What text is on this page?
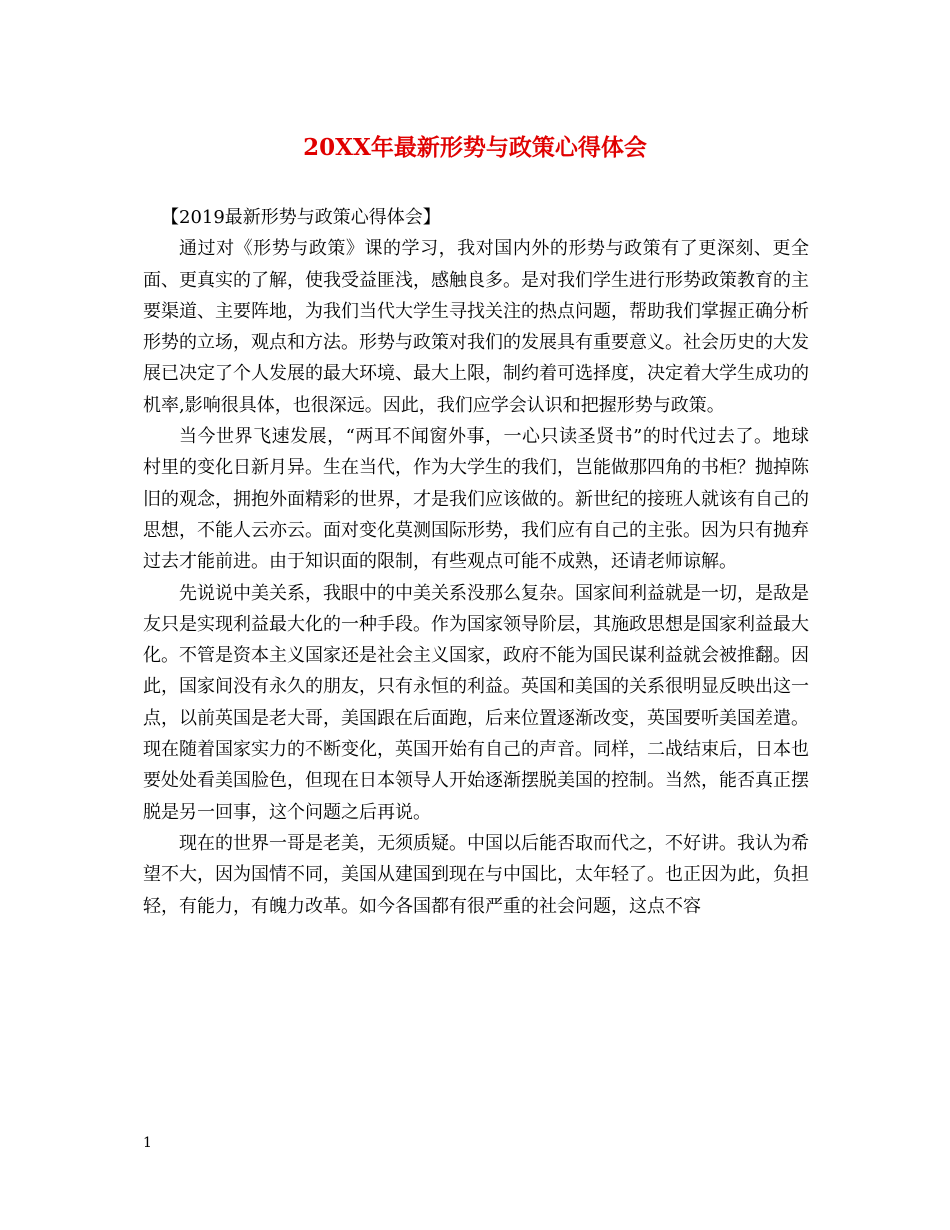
20XX年最新形势与政策心得体会

【2019最新形势与政策心得体会】

通过对《形势与政策》课的学习，我对国内外的形势与政策有了更深刻、更全面、更真实的了解，使我受益匪浅，感触良多。是对我们学生进行形势政策教育的主要渠道、主要阵地，为我们当代大学生寻找关注的热点问题，帮助我们掌握正确分析形势的立场，观点和方法。形势与政策对我们的发展具有重要意义。社会历史的大发展已决定了个人发展的最大环境、最大上限，制约着可选择度，决定着大学生成功的机率,影响很具体，也很深远。因此，我们应学会认识和把握形势与政策。

当今世界飞速发展，“两耳不闻窗外事，一心只读圣贤书”的时代过去了。地球村里的变化日新月异。生在当代，作为大学生的我们，岂能做那四角的书柜？抛掉陈旧的观念，拥抱外面精彩的世界，才是我们应该做的。新世纪的接班人就该有自己的思想，不能人云亦云。面对变化莫测国际形势，我们应有自己的主张。因为只有抛弃过去才能前进。由于知识面的限制，有些观点可能不成熟，还请老师谅解。

先说说中美关系，我眼中的中美关系没那么复杂。国家间利益就是一切，是敌是友只是实现利益最大化的一种手段。作为国家领导阶层，其施政思想是国家利益最大化。不管是资本主义国家还是社会主义国家，政府不能为国民谋利益就会被推翻。因此，国家间没有永久的朋友，只有永恒的利益。英国和美国的关系很明显反映出这一点，以前英国是老大哥，美国跟在后面跑，后来位置逐渐改变，英国要听美国差遣。现在随着国家实力的不断变化，英国开始有自己的声音。同样，二战结束后，日本也要处处看美国脸色，但现在日本领导人开始逐渐摆脱美国的控制。当然，能否真正摆脱是另一回事，这个问题之后再说。

现在的世界一哥是老美，无须质疑。中国以后能否取而代之，不好讲。我认为希望不大，因为国情不同，美国从建国到现在与中国比，太年轻了。也正因为此，负担轻，有能力，有魄力改革。如今各国都有很严重的社会问题，这点不容

1
